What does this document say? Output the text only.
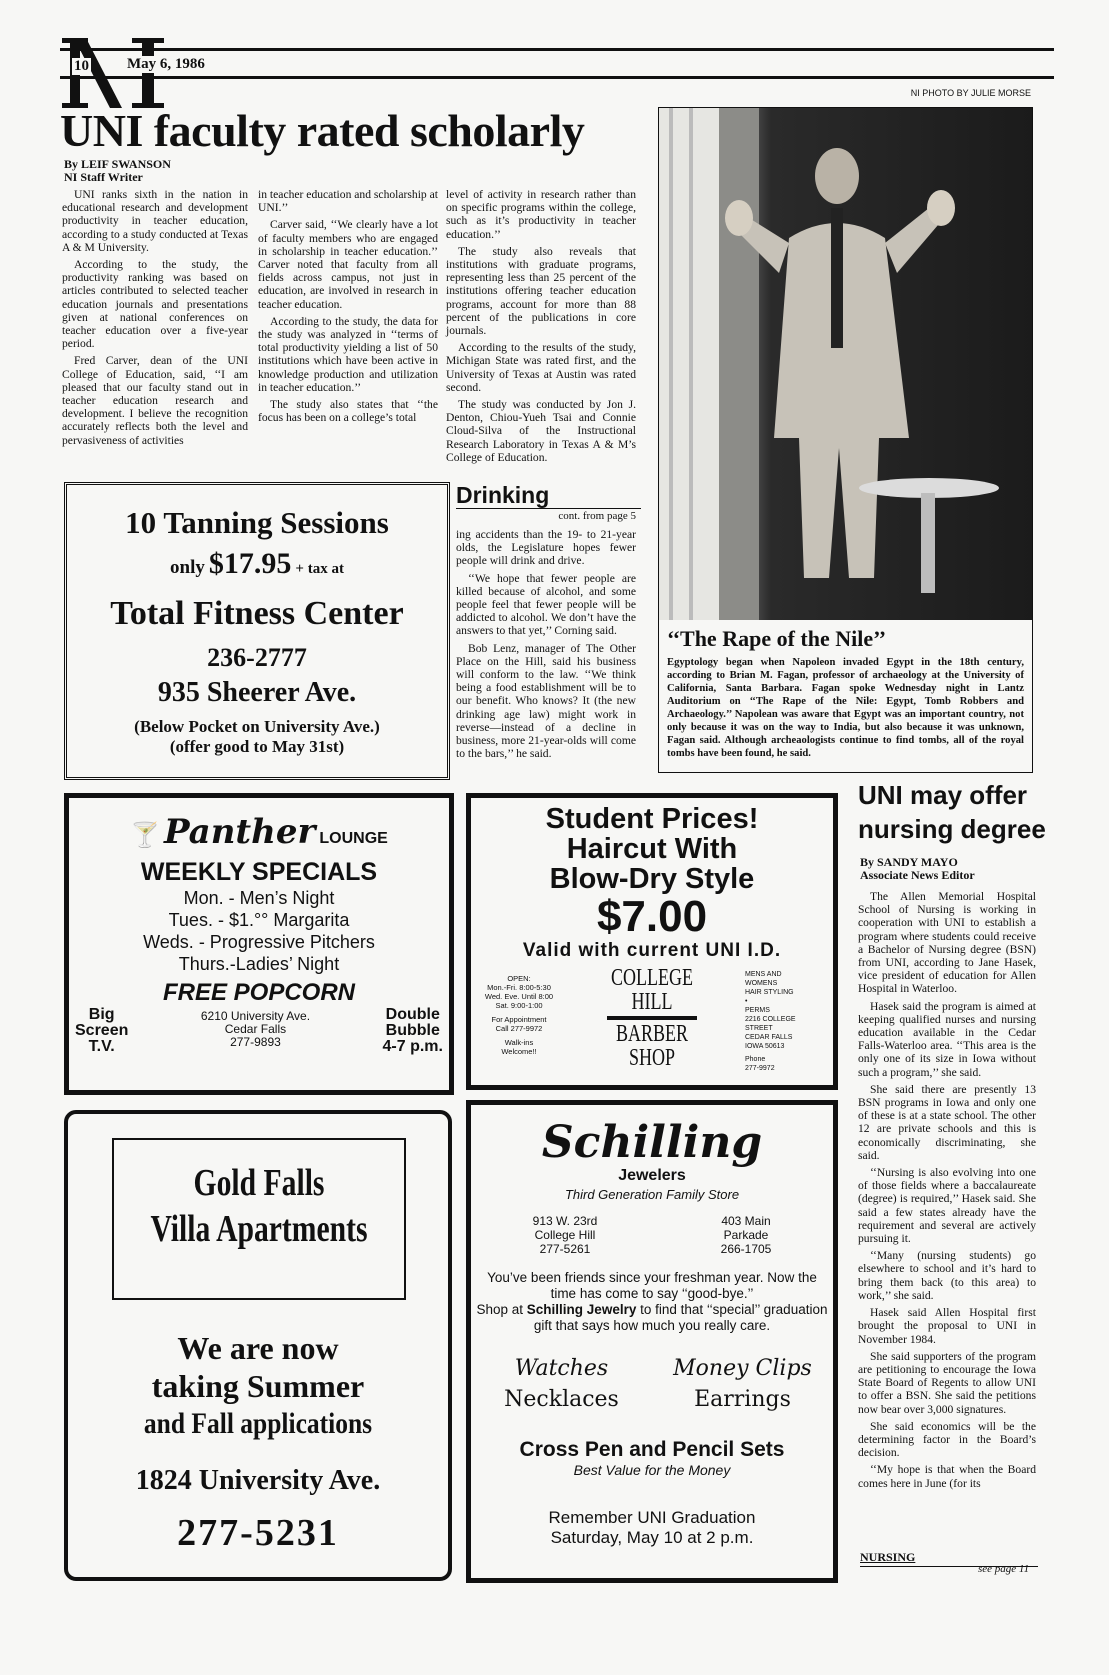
10	May 6, 1986
UNI faculty rated scholarly
By LEIF SWANSON
NI Staff Writer

UNI ranks sixth in the nation in educational research and development productivity in teacher education, according to a study conducted at Texas A & M University.

According to the study, the productivity ranking was based on articles contributed to selected teacher education journals and presentations given at national conferences on teacher education over a five-year period.

Fred Carver, dean of the UNI College of Education, said, ‘‘I am pleased that our faculty stand out in teacher education research and development. I believe the recognition accurately reflects both the level and pervasiveness of activities

in teacher education and scholarship at UNI.’’

Carver said, ‘‘We clearly have a lot of faculty members who are engaged in scholarship in teacher education.’’ Carver noted that faculty from all fields across campus, not just in education, are involved in research in teacher education.

According to the study, the data for the study was analyzed in ‘‘terms of total productivity yielding a list of 50 institutions which have been active in knowledge production and utilization in teacher education.’’

The study also states that ‘‘the focus has been on a college’s total

level of activity in research rather than on specific programs within the college, such as it’s productivity in teacher education.’’

The study also reveals that institutions with graduate programs, representing less than 25 percent of the institutions offering teacher education programs, account for more than 88 percent of the publications in core journals.

According to the results of the study, Michigan State was rated first, and the University of Texas at Austin was rated second.

The study was conducted by Jon J. Denton, Chiou-Yueh Tsai and Connie Cloud-Silva of the Instructional Research Laboratory in Texas A & M’s College of Education.

Drinking
cont. from page 5

ing accidents than the 19- to 21-year olds, the Legislature hopes fewer people will drink and drive.

‘‘We hope that fewer people are killed because of alcohol, and some people feel that fewer people will be addicted to alcohol. We don’t have the answers to that yet,’’ Corning said.

Bob Lenz, manager of The Other Place on the Hill, said his business will conform to the law. ‘‘We think being a food establishment will be to our benefit. Who knows? It (the new drinking age law) might work in reverse—instead of a decline in business, more 21-year-olds will come to the bars,’’ he said.

NI PHOTO BY JULIE MORSE
‘‘The Rape of the Nile’’
Egyptology began when Napoleon invaded Egypt in the 18th century, according to Brian M. Fagan, professor of archaeology at the University of California, Santa Barbara. Fagan spoke Wednesday night in Lantz Auditorium on ‘‘The Rape of the Nile: Egypt, Tomb Robbers and Archaeology.’’ Napolean was aware that Egypt was an important country, not only because it was on the way to India, but also because it was unknown, Fagan said. Although archeaologists continue to find tombs, all of the royal tombs have been found, he said.
10 Tanning Sessions
only $17.95 + tax at
Total Fitness Center
236-2777
935 Sheerer Ave.
(Below Pocket on University Ave.)
(offer good to May 31st)
🍸 Panther LOUNGE
WEEKLY SPECIALS
Mon. - Men’s Night
Tues. - $1.°° Margarita
Weds. - Progressive Pitchers
Thurs.-Ladies’ Night
FREE POPCORN
Big
Screen
T.V.
6210 University Ave.
Cedar Falls
277-9893
Double
Bubble
4-7 p.m.
Student Prices!
Haircut With
Blow-Dry Style
$7.00
Valid with current UNI I.D.
OPEN:
Mon.-Fri. 8:00-5:30
Wed. Eve. Until 8:00
Sat. 9:00-1:00
For Appointment
Call 277-9972
Walk-ins
Welcome!!
COLLEGE
HILL
BARBER
SHOP
MENS AND
WOMENS
HAIR STYLING
•
PERMS
2216 COLLEGE STREET
CEDAR FALLS
IOWA 50613
Phone
277-9972
Gold Falls
Villa Apartments
We are now
taking Summer
and Fall applications
1824 University Ave.
277-5231
Schilling
Jewelers
Third Generation Family Store
913 W. 23rd
College Hill
277-5261
403 Main
Parkade
266-1705
You’ve been friends since your freshman year. Now the time has come to say ‘‘good-bye.’’
Shop at Schilling Jewelry to find that ‘‘special’’ graduation gift that says how much you really care.
Watches	Money Clips
Necklaces	Earrings
Cross Pen and Pencil Sets
Best Value for the Money
Remember UNI Graduation
Saturday, May 10 at 2 p.m.
UNI may offer
nursing degree
By SANDY MAYO
Associate News Editor

The Allen Memorial Hospital School of Nursing is working in cooperation with UNI to establish a program where students could receive a Bachelor of Nursing degree (BSN) from UNI, according to Jane Hasek, vice president of education for Allen Hospital in Waterloo.

Hasek said the program is aimed at keeping qualified nurses and nursing education available in the Cedar Falls-Waterloo area. ‘‘This area is the only one of its size in Iowa without such a program,’’ she said.

She said there are presently 13 BSN programs in Iowa and only one of these is at a state school. The other 12 are private schools and this is economically discriminating, she said.

‘‘Nursing is also evolving into one of those fields where a baccalaureate (degree) is required,’’ Hasek said. She said a few states already have the requirement and several are actively pursuing it.

‘‘Many (nursing students) go elsewhere to school and it’s hard to bring them back (to this area) to work,’’ she said.

Hasek said Allen Hospital first brought the proposal to UNI in November 1984.

She said supporters of the program are petitioning to encourage the Iowa State Board of Regents to allow UNI to offer a BSN. She said the petitions now bear over 3,000 signatures.

She said economics will be the determining factor in the Board’s decision.

‘‘My hope is that when the Board comes here in June (for its

NURSING
see page 11
